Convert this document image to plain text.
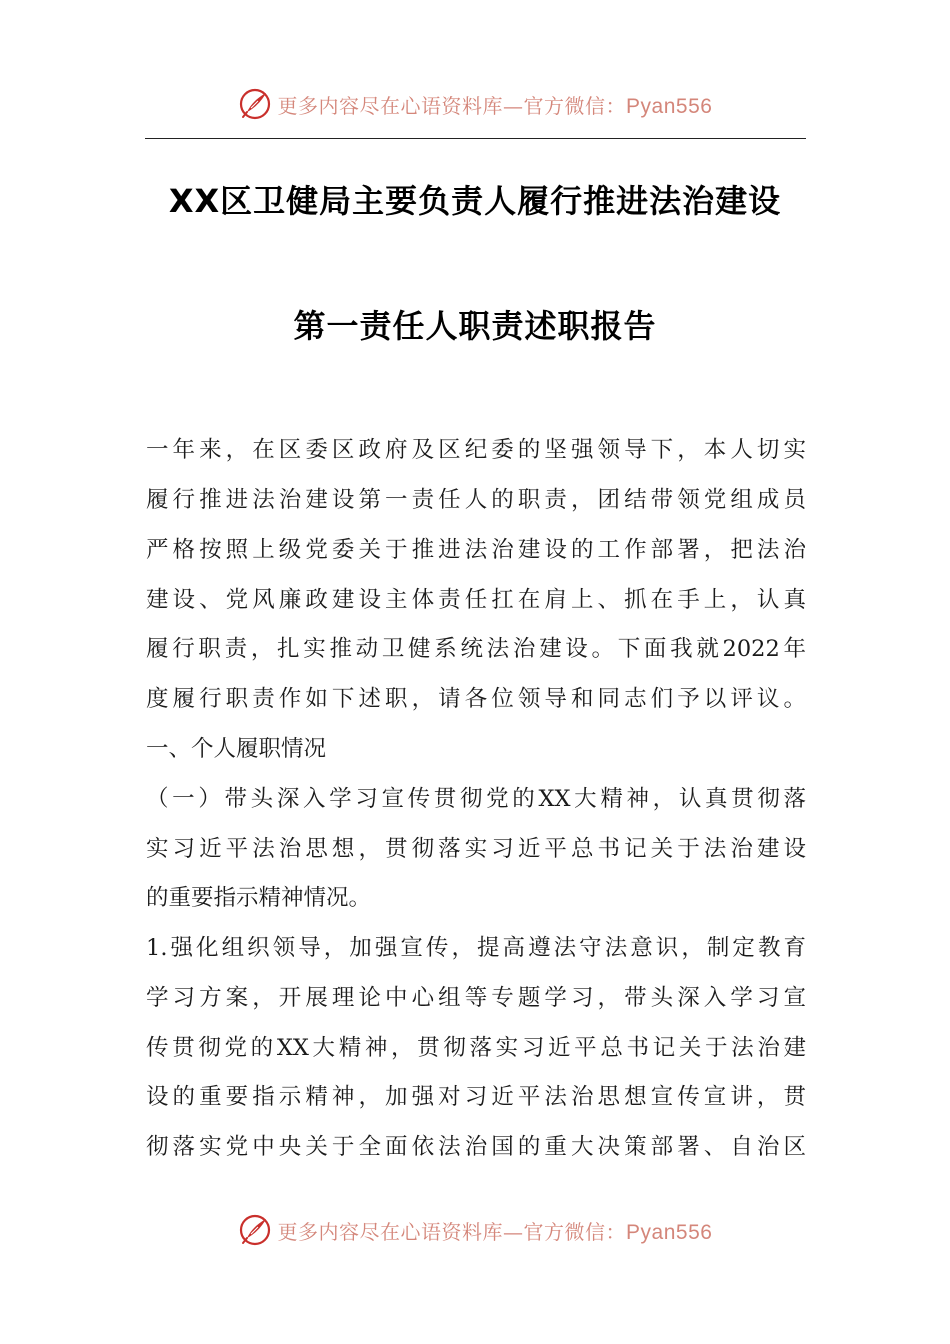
更多内容尽在心语资料库—官方微信：Pyan556
XX区卫健局主要负责人履行推进法治建设
第一责任人职责述职报告
一年来，在区委区政府及区纪委的坚强领导下，本人切实
履行推进法治建设第一责任人的职责，团结带领党组成员
严格按照上级党委关于推进法治建设的工作部署，把法治
建设、党风廉政建设主体责任扛在肩上、抓在手上，认真
履行职责，扎实推动卫健系统法治建设。下面我就2022年
度履行职责作如下述职，请各位领导和同志们予以评议。
一、个人履职情况
（一）带头深入学习宣传贯彻党的XX大精神，认真贯彻落
实习近平法治思想，贯彻落实习近平总书记关于法治建设
的重要指示精神情况。
1.强化组织领导，加强宣传，提高遵法守法意识，制定教育
学习方案，开展理论中心组等专题学习，带头深入学习宣
传贯彻党的XX大精神，贯彻落实习近平总书记关于法治建
设的重要指示精神，加强对习近平法治思想宣传宣讲，贯
彻落实党中央关于全面依法治国的重大决策部署、自治区
更多内容尽在心语资料库—官方微信：Pyan556
